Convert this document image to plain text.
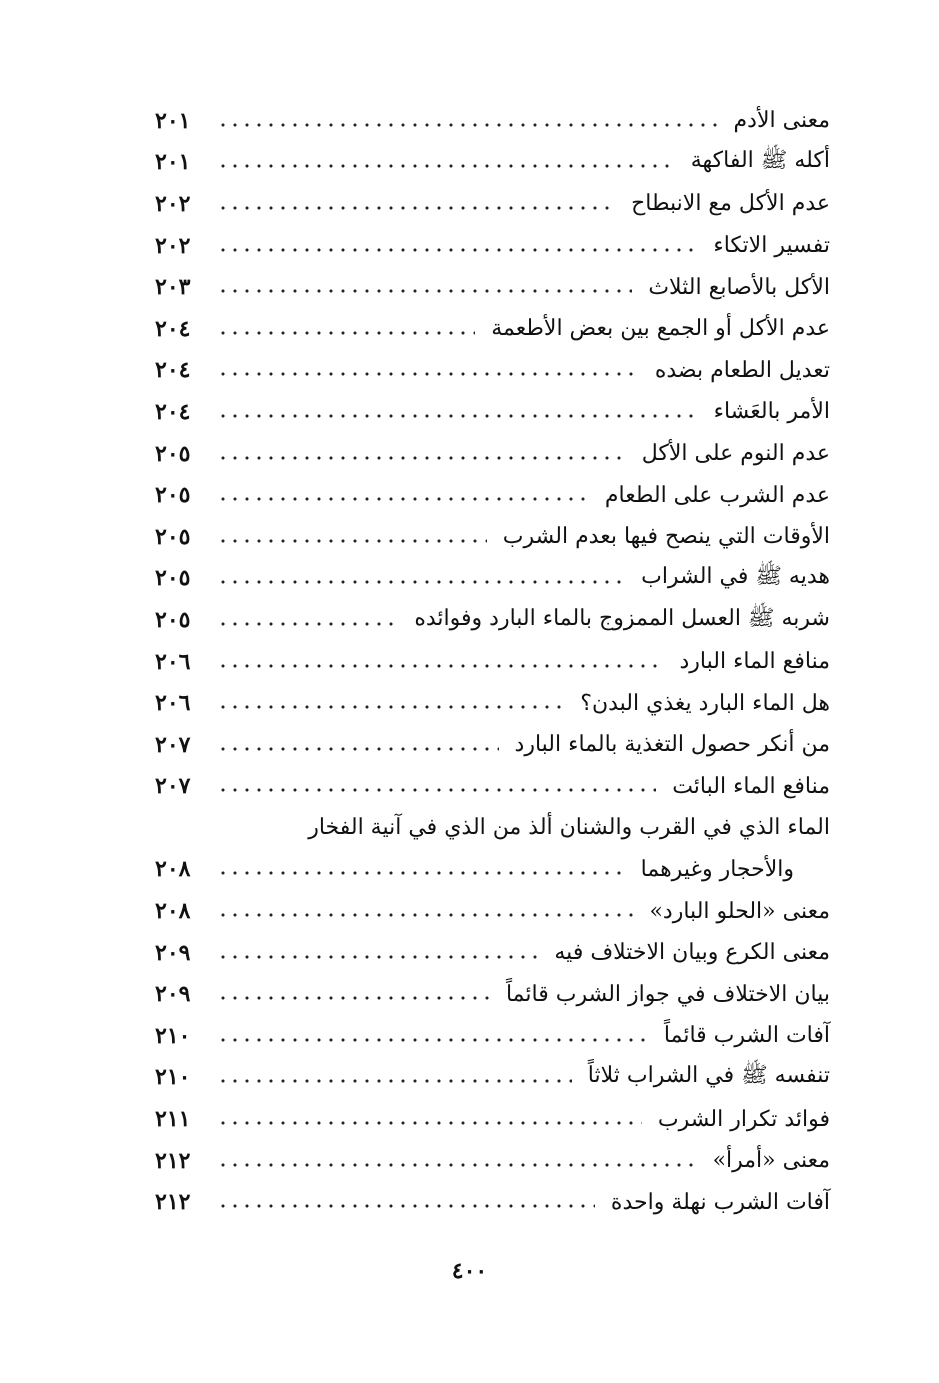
معنى الأدم
٢٠١
أكله ﷺ الفاكهة
٢٠١
عدم الأكل مع الانبطاح
٢٠٢
تفسير الاتكاء
٢٠٢
الأكل بالأصابع الثلاث
٢٠٣
عدم الأكل أو الجمع بين بعض الأطعمة
٢٠٤
تعديل الطعام بضده
٢٠٤
الأمر بالعَشاء
٢٠٤
عدم النوم على الأكل
٢٠٥
عدم الشرب على الطعام
٢٠٥
الأوقات التي ينصح فيها بعدم الشرب
٢٠٥
هديه ﷺ في الشراب
٢٠٥
شربه ﷺ العسل الممزوج بالماء البارد وفوائده
٢٠٥
منافع الماء البارد
٢٠٦
هل الماء البارد يغذي البدن؟
٢٠٦
من أنكر حصول التغذية بالماء البارد
٢٠٧
منافع الماء البائت
٢٠٧
الماء الذي في القرب والشنان ألذ من الذي في آنية الفخار
والأحجار وغيرهما
٢٠٨
معنى «الحلو البارد»
٢٠٨
معنى الكرع وبيان الاختلاف فيه
٢٠٩
بيان الاختلاف في جواز الشرب قائماً
٢٠٩
آفات الشرب قائماً
٢١٠
تنفسه ﷺ في الشراب ثلاثاً
٢١٠
فوائد تكرار الشرب
٢١١
معنى «أمرأ»
٢١٢
آفات الشرب نهلة واحدة
٢١٢
٤٠٠
